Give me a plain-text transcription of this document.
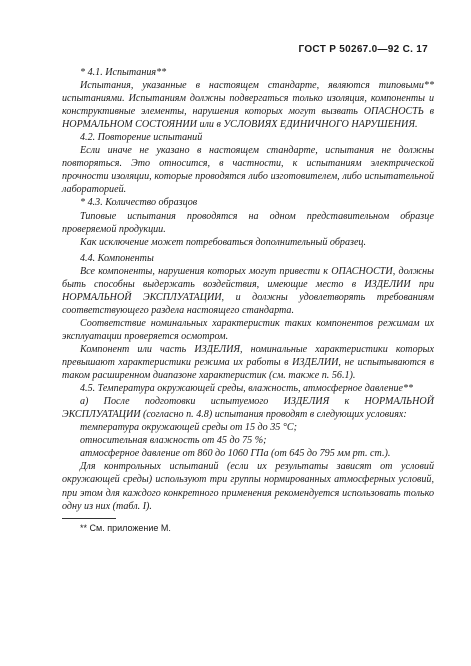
ГОСТ Р 50267.0—92 С. 17

* 4.1. Испытания**

Испытания, указанные в настоящем стандарте, являются типовыми** испытаниями. Испытаниям должны подвергаться только изоляция, компоненты и конструктивные элементы, нарушения которых могут вызвать ОПАСНОСТЬ в НОРМАЛЬНОМ СОСТОЯНИИ или в УСЛОВИЯХ ЕДИНИЧНОГО НАРУШЕНИЯ.

4.2. Повторение испытаний

Если иначе не указано в настоящем стандарте, испытания не должны повторяться. Это относится, в частности, к испытаниям электрической прочности изоляции, которые проводятся либо изготовителем, либо испытательной лабораторией.

* 4.3. Количество образцов

Типовые испытания проводятся на одном представительном образце проверяемой продукции.

Как исключение может потребоваться дополнительный образец.

4.4. Компоненты

Все компоненты, нарушения которых могут привести к ОПАСНОСТИ, должны быть способны выдержать воздействия, имеющие место в ИЗДЕЛИИ при НОРМАЛЬНОЙ ЭКСПЛУАТАЦИИ, и должны удовлетворять требованиям соответствующего раздела настоящего стандарта.

Соответствие номинальных характеристик таких компонентов режимам их эксплуатации проверяется осмотром.

Компонент или часть ИЗДЕЛИЯ, номинальные характеристики которых превышают характеристики режима их работы в ИЗДЕЛИИ, не испытываются в таком расширенном диапазоне характеристик (см. также п. 56.1).

4.5. Температура окружающей среды, влажность, атмосферное давление**

а) После подготовки испытуемого ИЗДЕЛИЯ к НОРМАЛЬНОЙ ЭКСПЛУАТАЦИИ (согласно п. 4.8) испытания проводят в следующих условиях:

температура окружающей среды от 15 до 35 °С;

относительная влажность от 45 до 75 %;

атмосферное давление от 860 до 1060 ГПа (от 645 до 795 мм рт. ст.).

Для контрольных испытаний (если их результаты зависят от условий окружающей среды) используют три группы нормированных атмосферных условий, при этом для каждого конкретного применения рекомендуется использовать только одну из них (табл. I).

** См. приложение М.
